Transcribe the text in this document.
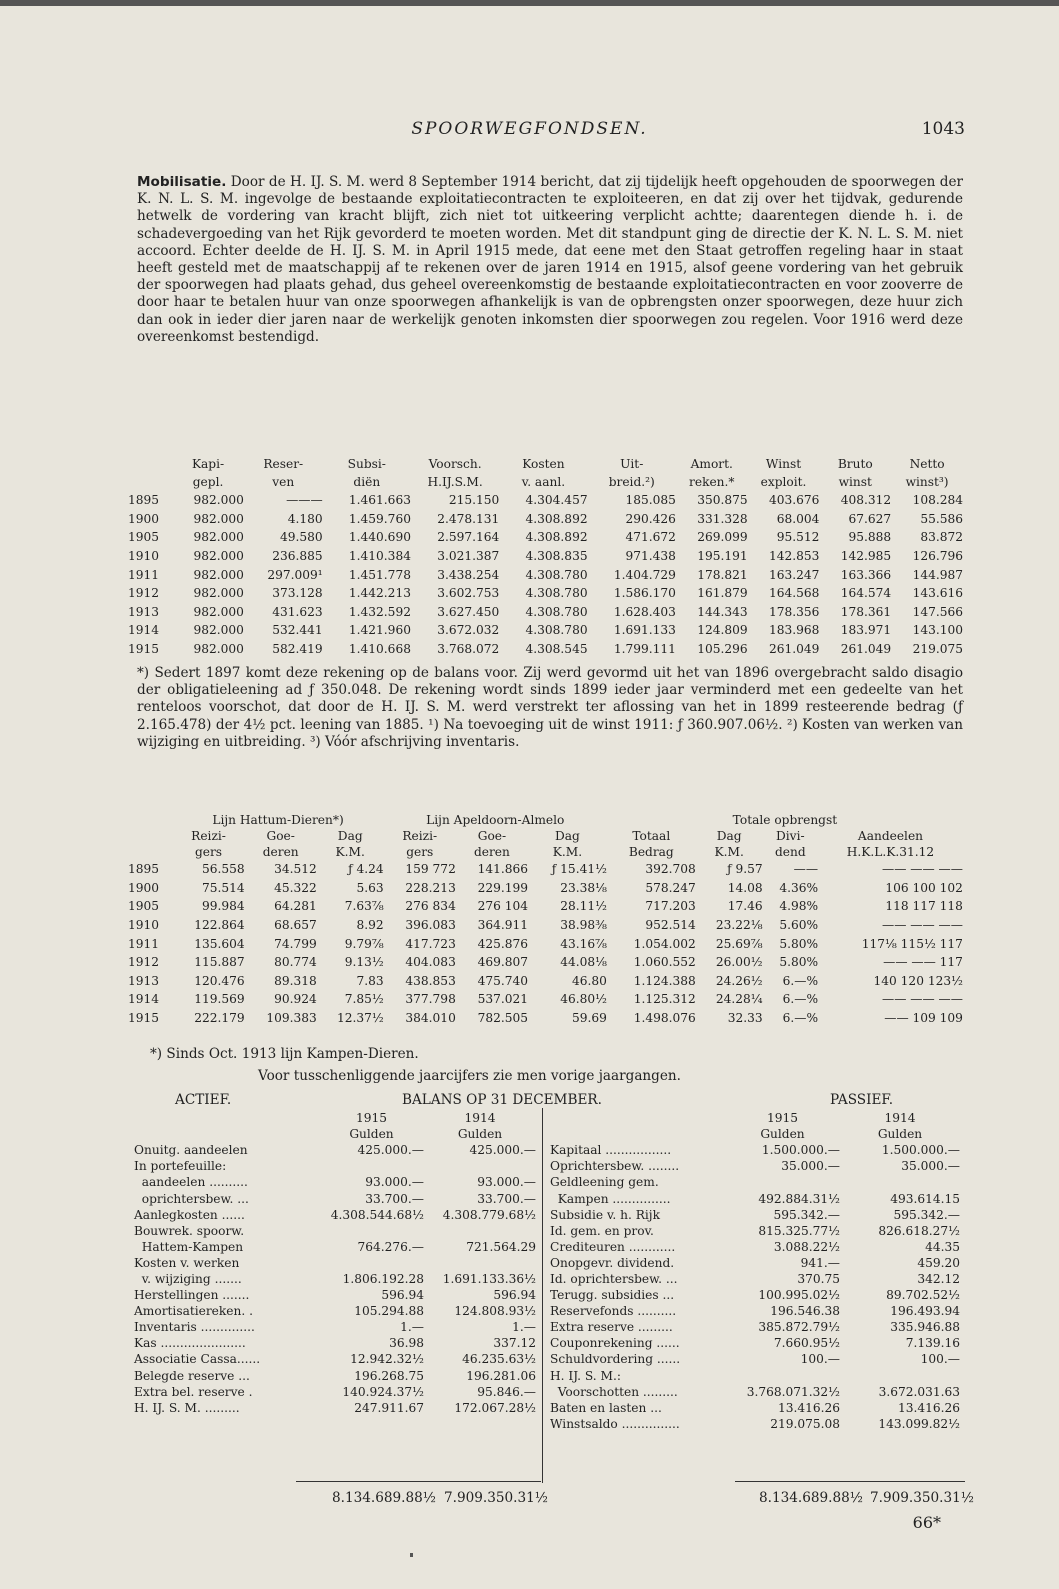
SPOORWEGFONDSEN.	1043
Mobilisatie. Door de H. IJ. S. M. werd 8 September 1914 bericht, dat zij tijdelijk heeft opgehouden de spoorwegen der K. N. L. S. M. ingevolge de bestaande exploitatiecontracten te exploiteeren, en dat zij over het tijdvak, gedurende hetwelk de vordering van kracht blijft, zich niet tot uitkeering verplicht achtte; daarentegen diende h. i. de schadevergoeding van het Rijk gevorderd te moeten worden. Met dit standpunt ging de directie der K. N. L. S. M. niet accoord. Echter deelde de H. IJ. S. M. in April 1915 mede, dat eene met den Staat getroffen regeling haar in staat heeft gesteld met de maatschappij af te rekenen over de jaren 1914 en 1915, alsof geene vordering van het gebruik der spoorwegen had plaats gehad, dus geheel overeenkomstig de bestaande exploitatiecontracten en voor zooverre de door haar te betalen huur van onze spoorwegen afhankelijk is van de opbrengsten onzer spoorwegen, deze huur zich dan ook in ieder dier jaren naar de werkelijk genoten inkomsten dier spoorwegen zou regelen. Voor 1916 werd deze overeenkomst bestendigd.
	Kapi-	Reser-	Subsi-	Voorsch.	Kosten	Uit-	Amort.	Winst	Bruto	Netto
	gepl.	ven	diën	H.IJ.S.M.	v. aanl.	breid.²)	reken.*	exploit.	winst	winst³)
1895	982.000	———	1.461.663	215.150	4.304.457	185.085	350.875	403.676	408.312	108.284
1900	982.000	4.180	1.459.760	2.478.131	4.308.892	290.426	331.328	68.004	67.627	55.586
1905	982.000	49.580	1.440.690	2.597.164	4.308.892	471.672	269.099	95.512	95.888	83.872
1910	982.000	236.885	1.410.384	3.021.387	4.308.835	971.438	195.191	142.853	142.985	126.796
1911	982.000	297.009¹	1.451.778	3.438.254	4.308.780	1.404.729	178.821	163.247	163.366	144.987
1912	982.000	373.128	1.442.213	3.602.753	4.308.780	1.586.170	161.879	164.568	164.574	143.616
1913	982.000	431.623	1.432.592	3.627.450	4.308.780	1.628.403	144.343	178.356	178.361	147.566
1914	982.000	532.441	1.421.960	3.672.032	4.308.780	1.691.133	124.809	183.968	183.971	143.100
1915	982.000	582.419	1.410.668	3.768.072	4.308.545	1.799.111	105.296	261.049	261.049	219.075
*) Sedert 1897 komt deze rekening op de balans voor. Zij werd gevormd uit het van 1896 overgebracht saldo disagio der obligatieleening ad ƒ 350.048. De rekening wordt sinds 1899 ieder jaar verminderd met een gedeelte van het renteloos voorschot, dat door de H. IJ. S. M. werd verstrekt ter aflossing van het in 1899 resteerende bedrag (ƒ 2.165.478) der 4½ pct. leening van 1885. ¹) Na toevoeging uit de winst 1911: ƒ 360.907.06½. ²) Kosten van werken van wijziging en uitbreiding. ³) Vóór afschrijving inventaris.
	Lijn Hattum-Dieren*)			Lijn Apeldoorn-Almelo			Totale opbrengst				
	Reizi-	Goe-	Dag	Reizi-	Goe-	Dag	Totaal	Dag	Divi-	Aandeelen	
	gers	deren	K.M.	gers	deren	K.M.	Bedrag	K.M.	dend	H.K.L.K.31.12	
1895	56.558	34.512	ƒ 4.24	159 772	141.866	ƒ 15.41½	392.708	ƒ 9.57	——	—— —— ——	
1900	75.514	45.322	5.63	228.213	229.199	23.38⅛	578.247	14.08	4.36%	106 100 102	
1905	99.984	64.281	7.63⅞	276 834	276 104	28.11½	717.203	17.46	4.98%	118 117 118	
1910	122.864	68.657	8.92	396.083	364.911	38.98⅜	952.514	23.22⅛	5.60%	—— —— ——	
1911	135.604	74.799	9.79⅞	417.723	425.876	43.16⅞	1.054.002	25.69⅞	5.80%	117⅛ 115½ 117	
1912	115.887	80.774	9.13½	404.083	469.807	44.08⅛	1.060.552	26.00½	5.80%	—— —— 117	
1913	120.476	89.318	7.83	438.853	475.740	46.80	1.124.388	24.26½	6.—%	140 120 123½	
1914	119.569	90.924	7.85½	377.798	537.021	46.80½	1.125.312	24.28¼	6.—%	—— —— ——	
1915	222.179	109.383	12.37½	384.010	782.505	59.69	1.498.076	32.33	6.—%	—— 109 109	
*) Sinds Oct. 1913 lijn Kampen-Dieren.
Voor tusschenliggende jaarcijfers zie men vorige jaargangen.
ACTIEF.	BALANS OP 31 DECEMBER.	PASSIEF.
	1915	1914
	Gulden	Gulden
Onuitg. aandeelen	425.000.—	425.000.—
In portefeuille:		
aandeelen ..........	93.000.—	93.000.—
oprichtersbew. ...	33.700.—	33.700.—
Aanlegkosten ......	4.308.544.68½	4.308.779.68½
Bouwrek. spoorw.		
Hattem-Kampen	764.276.—	721.564.29
Kosten v. werken		
v. wijziging .......	1.806.192.28	1.691.133.36½
Herstellingen .......	596.94	596.94
Amortisatiereken. .	105.294.88	124.808.93½
Inventaris ..............	1.—	1.—
Kas ......................	36.98	337.12
Associatie Cassa......	12.942.32½	46.235.63½
Belegde reserve ...	196.268.75	196.281.06
Extra bel. reserve .	140.924.37½	95.846.—
H. IJ. S. M. .........	247.911.67	172.067.28½
	1915	1914
	Gulden	Gulden
Kapitaal .................	1.500.000.—	1.500.000.—
Oprichtersbew. ........	35.000.—	35.000.—
Geldleening gem.		
Kampen ...............	492.884.31½	493.614.15
Subsidie v. h. Rijk	595.342.—	595.342.—
Id. gem. en prov.	815.325.77½	826.618.27½
Crediteuren ............	3.088.22½	44.35
Onopgevr. dividend.	941.—	459.20
Id. oprichtersbew. ...	370.75	342.12
Terugg. subsidies ...	100.995.02½	89.702.52½
Reservefonds ..........	196.546.38	196.493.94
Extra reserve .........	385.872.79½	335.946.88
Couponrekening ......	7.660.95½	7.139.16
Schuldvordering ......	100.—	100.—
H. IJ. S. M.:		
Voorschotten .........	3.768.071.32½	3.672.031.63
Baten en lasten ...	13.416.26	13.416.26
Winstsaldo ...............	219.075.08	143.099.82½
8.134.689.88½ 7.909.350.31½	8.134.689.88½ 7.909.350.31½
66*
